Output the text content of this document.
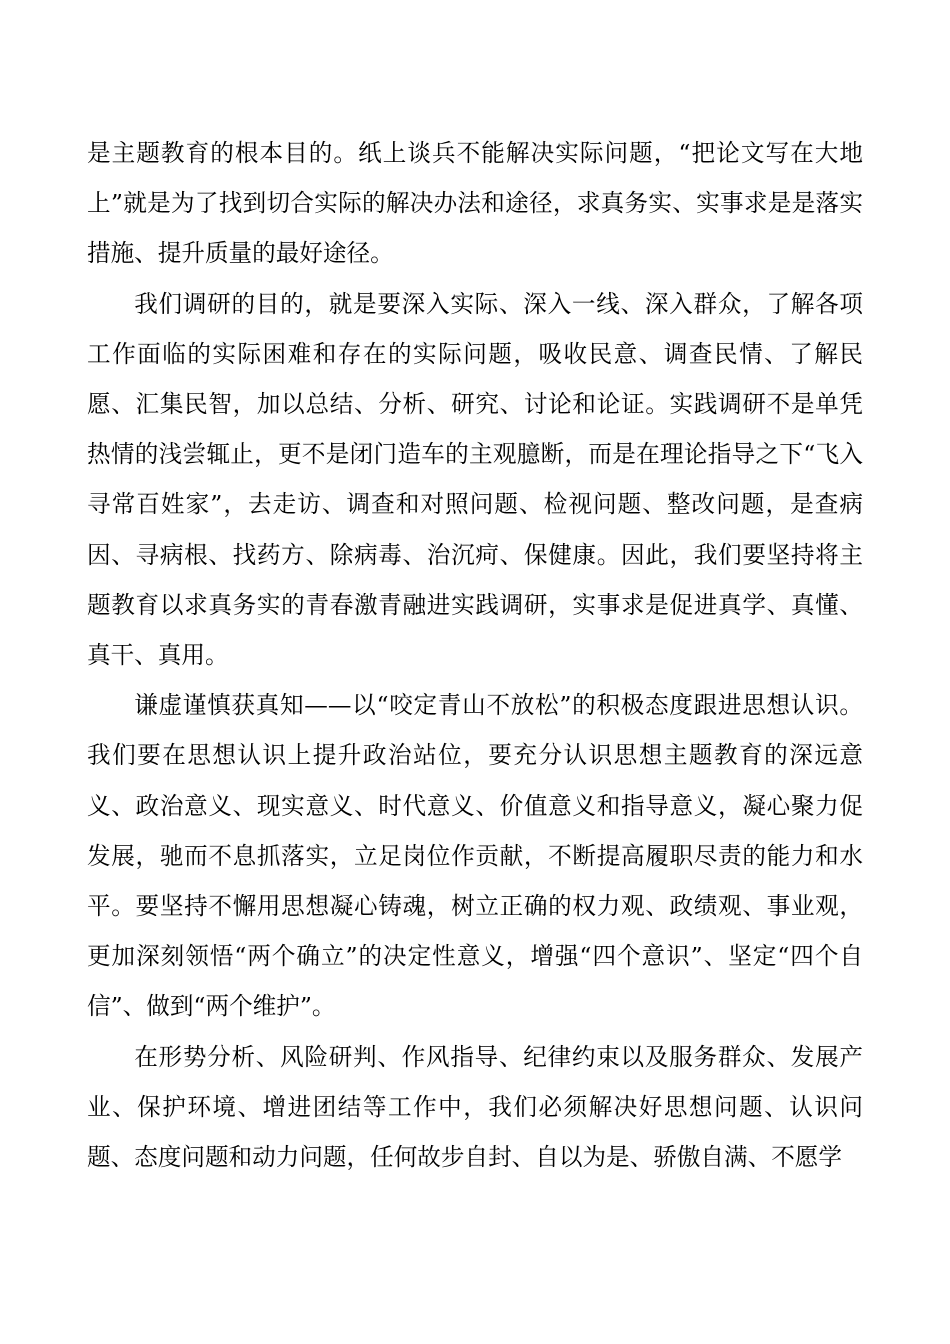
是主题教育的根本目的。纸上谈兵不能解决实际问题，“把论文写在大地上”就是为了找到切合实际的解决办法和途径，求真务实、实事求是是落实措施、提升质量的最好途径。

我们调研的目的，就是要深入实际、深入一线、深入群众，了解各项工作面临的实际困难和存在的实际问题，吸收民意、调查民情、了解民愿、汇集民智，加以总结、分析、研究、讨论和论证。实践调研不是单凭热情的浅尝辄止，更不是闭门造车的主观臆断，而是在理论指导之下“飞入寻常百姓家”，去走访、调查和对照问题、检视问题、整改问题，是查病因、寻病根、找药方、除病毒、治沉疴、保健康。因此，我们要坚持将主题教育以求真务实的青春激青融进实践调研，实事求是促进真学、真懂、真干、真用。

谦虚谨慎获真知——以“咬定青山不放松”的积极态度跟进思想认识。我们要在思想认识上提升政治站位，要充分认识思想主题教育的深远意义、政治意义、现实意义、时代意义、价值意义和指导意义，凝心聚力促发展，驰而不息抓落实，立足岗位作贡献，不断提高履职尽责的能力和水平。要坚持不懈用思想凝心铸魂，树立正确的权力观、政绩观、事业观，更加深刻领悟“两个确立”的决定性意义，增强“四个意识”、坚定“四个自信”、做到“两个维护”。

在形势分析、风险研判、作风指导、纪律约束以及服务群众、发展产业、保护环境、增进团结等工作中，我们必须解决好思想问题、认识问题、态度问题和动力问题，任何故步自封、自以为是、骄傲自满、不愿学
